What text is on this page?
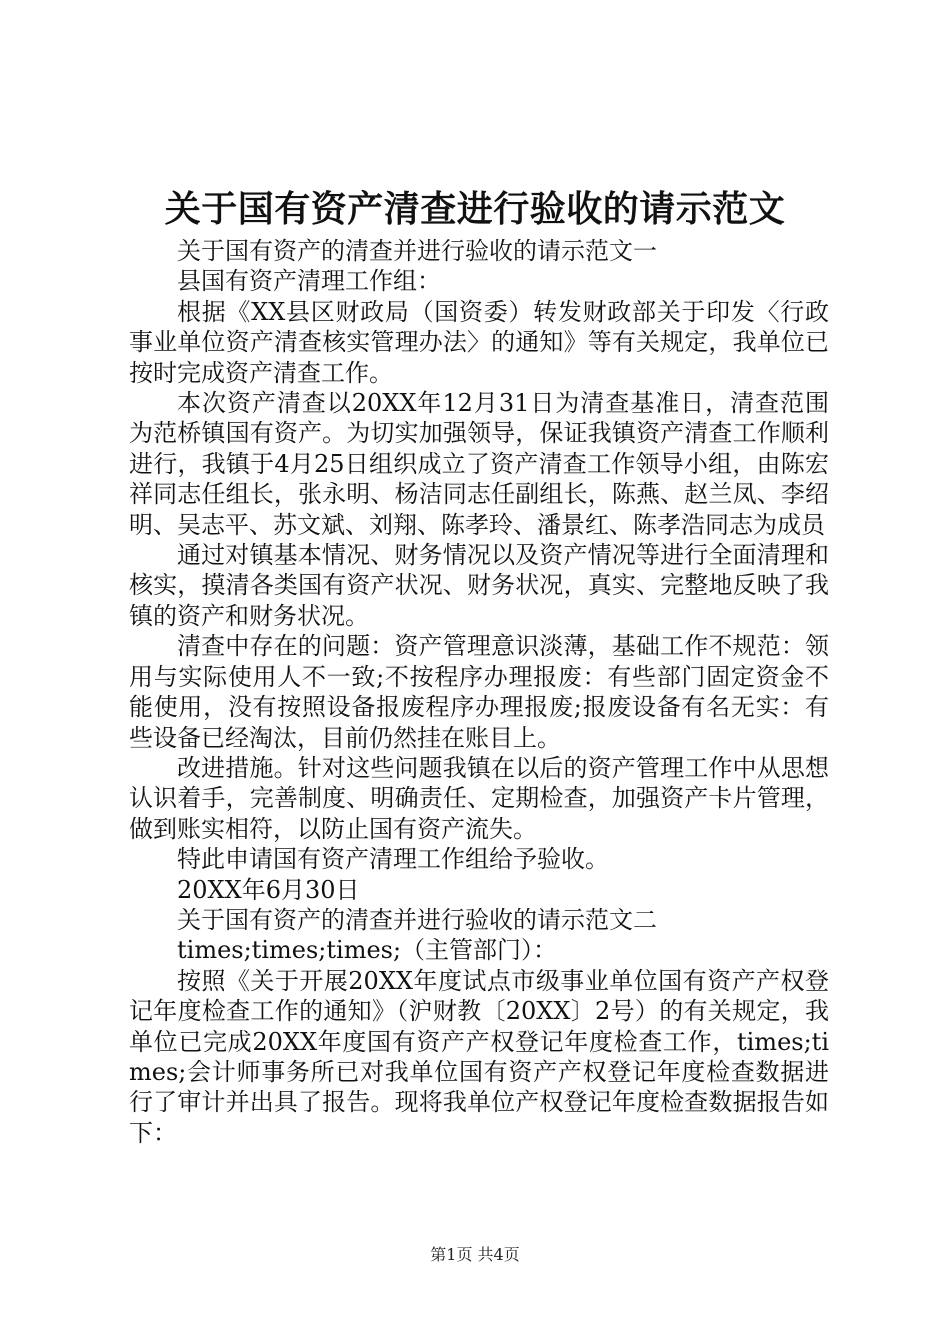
关于国有资产清查进行验收的请示范文

关于国有资产的清查并进行验收的请示范文一

县国有资产清理工作组：

根据《XX县区财政局（国资委）转发财政部关于印发〈行政事业单位资产清查核实管理办法〉的通知》等有关规定，我单位已按时完成资产清查工作。

本次资产清查以20XX年12月31日为清查基准日，清查范围为范桥镇国有资产。为切实加强领导，保证我镇资产清查工作顺利进行，我镇于4月25日组织成立了资产清查工作领导小组，由陈宏祥同志任组长，张永明、杨洁同志任副组长，陈燕、赵兰凤、李绍明、吴志平、苏文斌、刘翔、陈孝玲、潘景红、陈孝浩同志为成员

通过对镇基本情况、财务情况以及资产情况等进行全面清理和核实，摸清各类国有资产状况、财务状况，真实、完整地反映了我镇的资产和财务状况。

清查中存在的问题：资产管理意识淡薄，基础工作不规范：领用与实际使用人不一致;不按程序办理报废：有些部门固定资金不能使用，没有按照设备报废程序办理报废;报废设备有名无实：有些设备已经淘汰，目前仍然挂在账目上。

改进措施。针对这些问题我镇在以后的资产管理工作中从思想认识着手，完善制度、明确责任、定期检查，加强资产卡片管理，做到账实相符，以防止国有资产流失。

特此申请国有资产清理工作组给予验收。

20XX年6月30日

关于国有资产的清查并进行验收的请示范文二

times;times;times;（主管部门）：

按照《关于开展20XX年度试点市级事业单位国有资产产权登记年度检查工作的通知》（沪财教〔20XX〕2号）的有关规定，我单位已完成20XX年度国有资产产权登记年度检查工作，times;times;会计师事务所已对我单位国有资产产权登记年度检查数据进行了审计并出具了报告。现将我单位产权登记年度检查数据报告如下：

第1页 共4页
